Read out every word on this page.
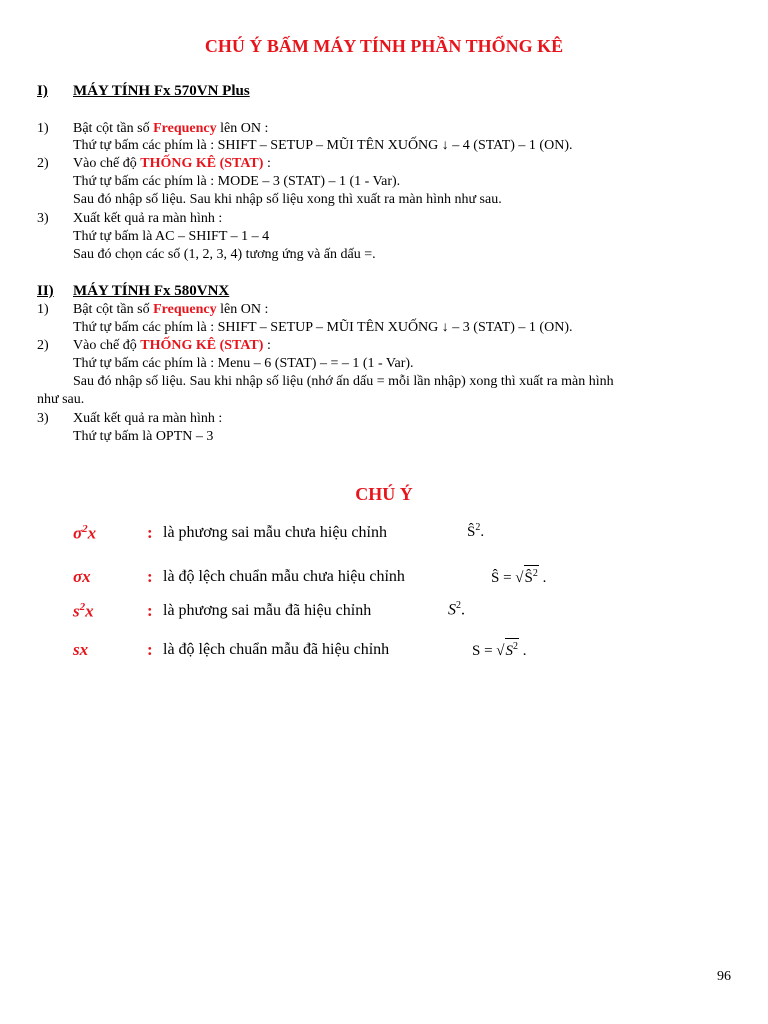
CHÚ Ý BẤM MÁY TÍNH PHẦN THỐNG KÊ
I) MÁY TÍNH Fx 570VN Plus
1) Bật cột tần số Frequency lên ON :
Thứ tự bấm các phím là : SHIFT – SETUP – MŨI TÊN XUỐNG ↓ – 4 (STAT) – 1 (ON).
2) Vào chế độ THỐNG KÊ (STAT) :
Thứ tự bấm các phím là : MODE – 3 (STAT) – 1 (1 - Var).
Sau đó nhập số liệu. Sau khi nhập số liệu xong thì xuất ra màn hình như sau.
3) Xuất kết quả ra màn hình :
Thứ tự bấm là AC – SHIFT – 1 – 4
Sau đó chọn các số (1, 2, 3, 4) tương ứng và ấn dấu =.
II) MÁY TÍNH Fx 580VNX
1) Bật cột tần số Frequency lên ON :
Thứ tự bấm các phím là : SHIFT – SETUP – MŨI TÊN XUỐNG ↓ – 3 (STAT) – 1 (ON).
2) Vào chế độ THỐNG KÊ (STAT) :
Thứ tự bấm các phím là : Menu – 6 (STAT) – = – 1 (1 - Var).
Sau đó nhập số liệu. Sau khi nhập số liệu (nhớ ấn dấu = mỗi lần nhập) xong thì xuất ra màn hình
như sau.
3) Xuất kết quả ra màn hình :
Thứ tự bấm là OPTN – 3
CHÚ Ý
$\sigma^2x$	: là phương sai mẫu chưa hiệu chỉnh	$Ŝ^2$.
σx	: là độ lệch chuẩn mẫu chưa hiệu chỉnh	Ŝ = $√Ŝ^2$ .
$s^2x$	: là phương sai mẫu đã hiệu chỉnh	$S^2$.
sx	: là độ lệch chuẩn mẫu đã hiệu chỉnh	$S = √S^2$ .
96
